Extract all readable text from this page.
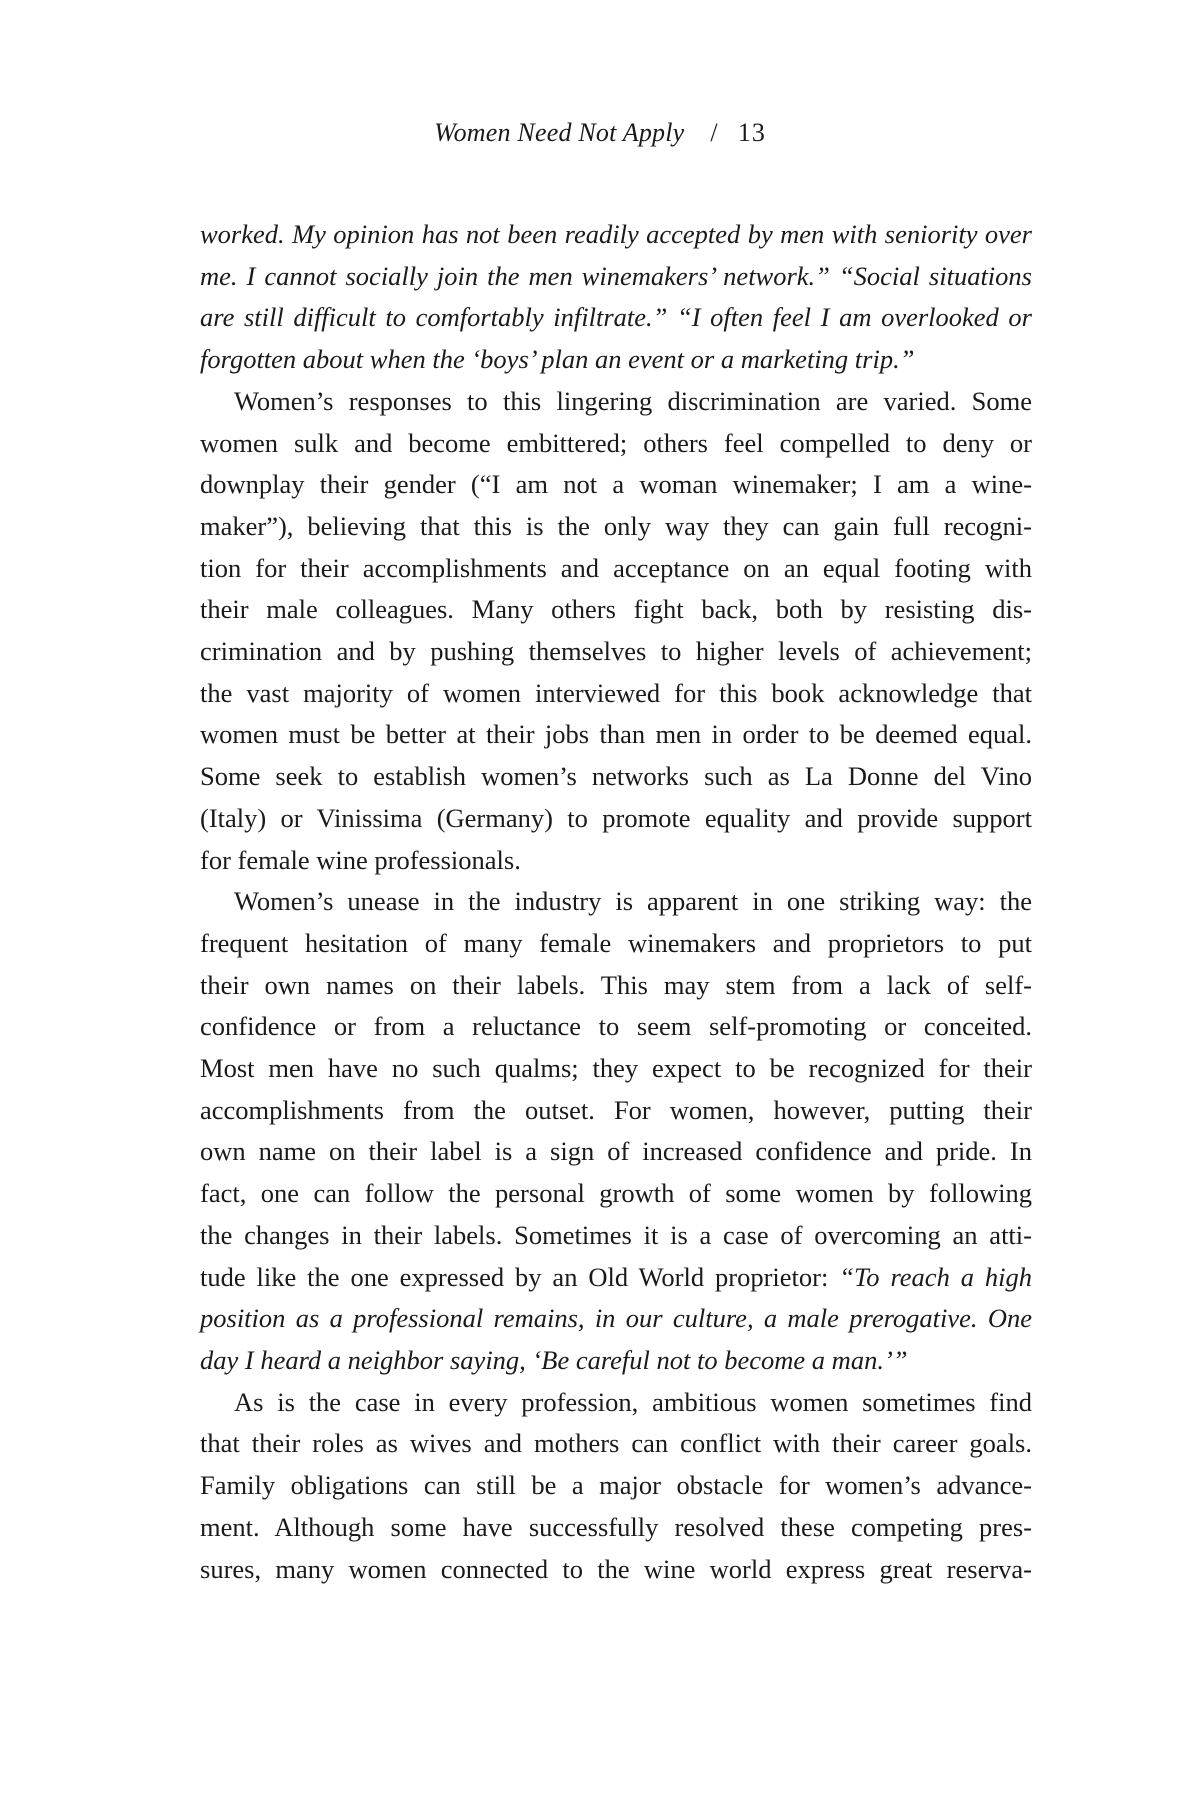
Women Need Not Apply / 13

worked. My opinion has not been readily accepted by men with seniority over
me. I cannot socially join the men winemakers’ network.” “Social situations
are still difficult to comfortably infiltrate.” “I often feel I am overlooked or
forgotten about when the ‘boys’ plan an event or a marketing trip.”

Women’s responses to this lingering discrimination are varied. Some
women sulk and become embittered; others feel compelled to deny or
downplay their gender (“I am not a woman winemaker; I am a wine-
maker”), believing that this is the only way they can gain full recogni-
tion for their accomplishments and acceptance on an equal footing with
their male colleagues. Many others fight back, both by resisting dis-
crimination and by pushing themselves to higher levels of achievement;
the vast majority of women interviewed for this book acknowledge that
women must be better at their jobs than men in order to be deemed equal.
Some seek to establish women’s networks such as La Donne del Vino
(Italy) or Vinissima (Germany) to promote equality and provide support
for female wine professionals.

Women’s unease in the industry is apparent in one striking way: the
frequent hesitation of many female winemakers and proprietors to put
their own names on their labels. This may stem from a lack of self-
confidence or from a reluctance to seem self-promoting or conceited.
Most men have no such qualms; they expect to be recognized for their
accomplishments from the outset. For women, however, putting their
own name on their label is a sign of increased confidence and pride. In
fact, one can follow the personal growth of some women by following
the changes in their labels. Sometimes it is a case of overcoming an atti-
tude like the one expressed by an Old World proprietor: “To reach a high
position as a professional remains, in our culture, a male prerogative. One
day I heard a neighbor saying, ‘Be careful not to become a man.’”

As is the case in every profession, ambitious women sometimes find
that their roles as wives and mothers can conflict with their career goals.
Family obligations can still be a major obstacle for women’s advance-
ment. Although some have successfully resolved these competing pres-
sures, many women connected to the wine world express great reserva-
